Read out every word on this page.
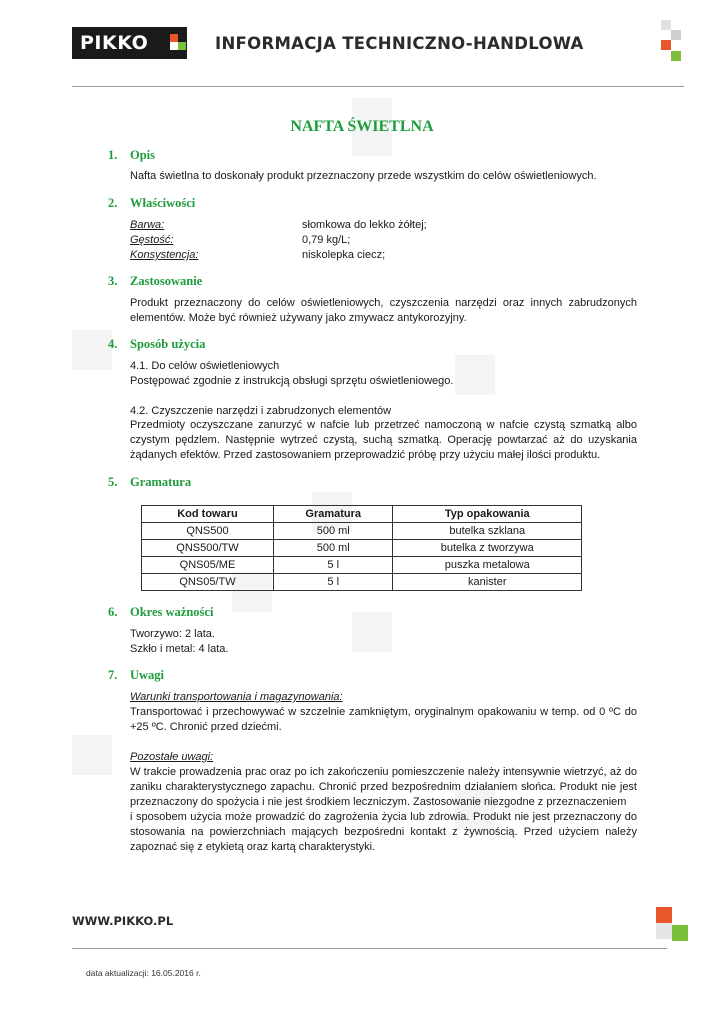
PIKKO	INFORMACJA TECHNICZNO-HANDLOWA
NAFTA ŚWIETLNA
1. Opis
Nafta świetlna to doskonały produkt przeznaczony przede wszystkim do celów oświetleniowych.
2. Właściwości
Barwa:	słomkowa do lekko żółtej;
Gęstość:	0,79 kg/L;
Konsystencja:	niskolepka ciecz;
3. Zastosowanie
Produkt przeznaczony do celów oświetleniowych, czyszczenia narzędzi oraz innych zabrudzonych elementów. Może być również używany jako zmywacz antykorozyjny.
4. Sposób użycia
4.1. Do celów oświetleniowych
Postępować zgodnie z instrukcją obsługi sprzętu oświetleniowego.
4.2. Czyszczenie narzędzi i zabrudzonych elementów
Przedmioty oczyszczane zanurzyć w nafcie lub przetrzeć namoczoną w nafcie czystą szmatką albo czystym pędzlem. Następnie wytrzeć czystą, suchą szmatką. Operację powtarzać aż do uzyskania żądanych efektów. Przed zastosowaniem przeprowadzić próbę przy użyciu małej ilości produktu.
5. Gramatura
Kod towaru	Gramatura	Typ opakowania
QNS500	500 ml	butelka szklana
QNS500/TW	500 ml	butelka z tworzywa
QNS05/ME	5 l	puszka metalowa
QNS05/TW	5 l	kanister
6. Okres ważności
Tworzywo: 2 lata.
Szkło i metal: 4 lata.
7. Uwagi
Warunki transportowania i magazynowania:
Transportować i przechowywać w szczelnie zamkniętym, oryginalnym opakowaniu w temp. od 0 ºC do +25 ºC. Chronić przed dziećmi.
Pozostałe uwagi:
W trakcie prowadzenia prac oraz po ich zakończeniu pomieszczenie należy intensywnie wietrzyć, aż do zaniku charakterystycznego zapachu. Chronić przed bezpośrednim działaniem słońca. Produkt nie jest przeznaczony do spożycia i nie jest środkiem leczniczym. Zastosowanie niezgodne z przeznaczeniem
i sposobem użycia może prowadzić do zagrożenia życia lub zdrowia. Produkt nie jest przeznaczony do stosowania na powierzchniach mających bezpośredni kontakt z żywnością. Przed użyciem należy zapoznać się z etykietą oraz kartą charakterystyki.
WWW.PIKKO.PL
data aktualizacji: 16.05.2016 r.
